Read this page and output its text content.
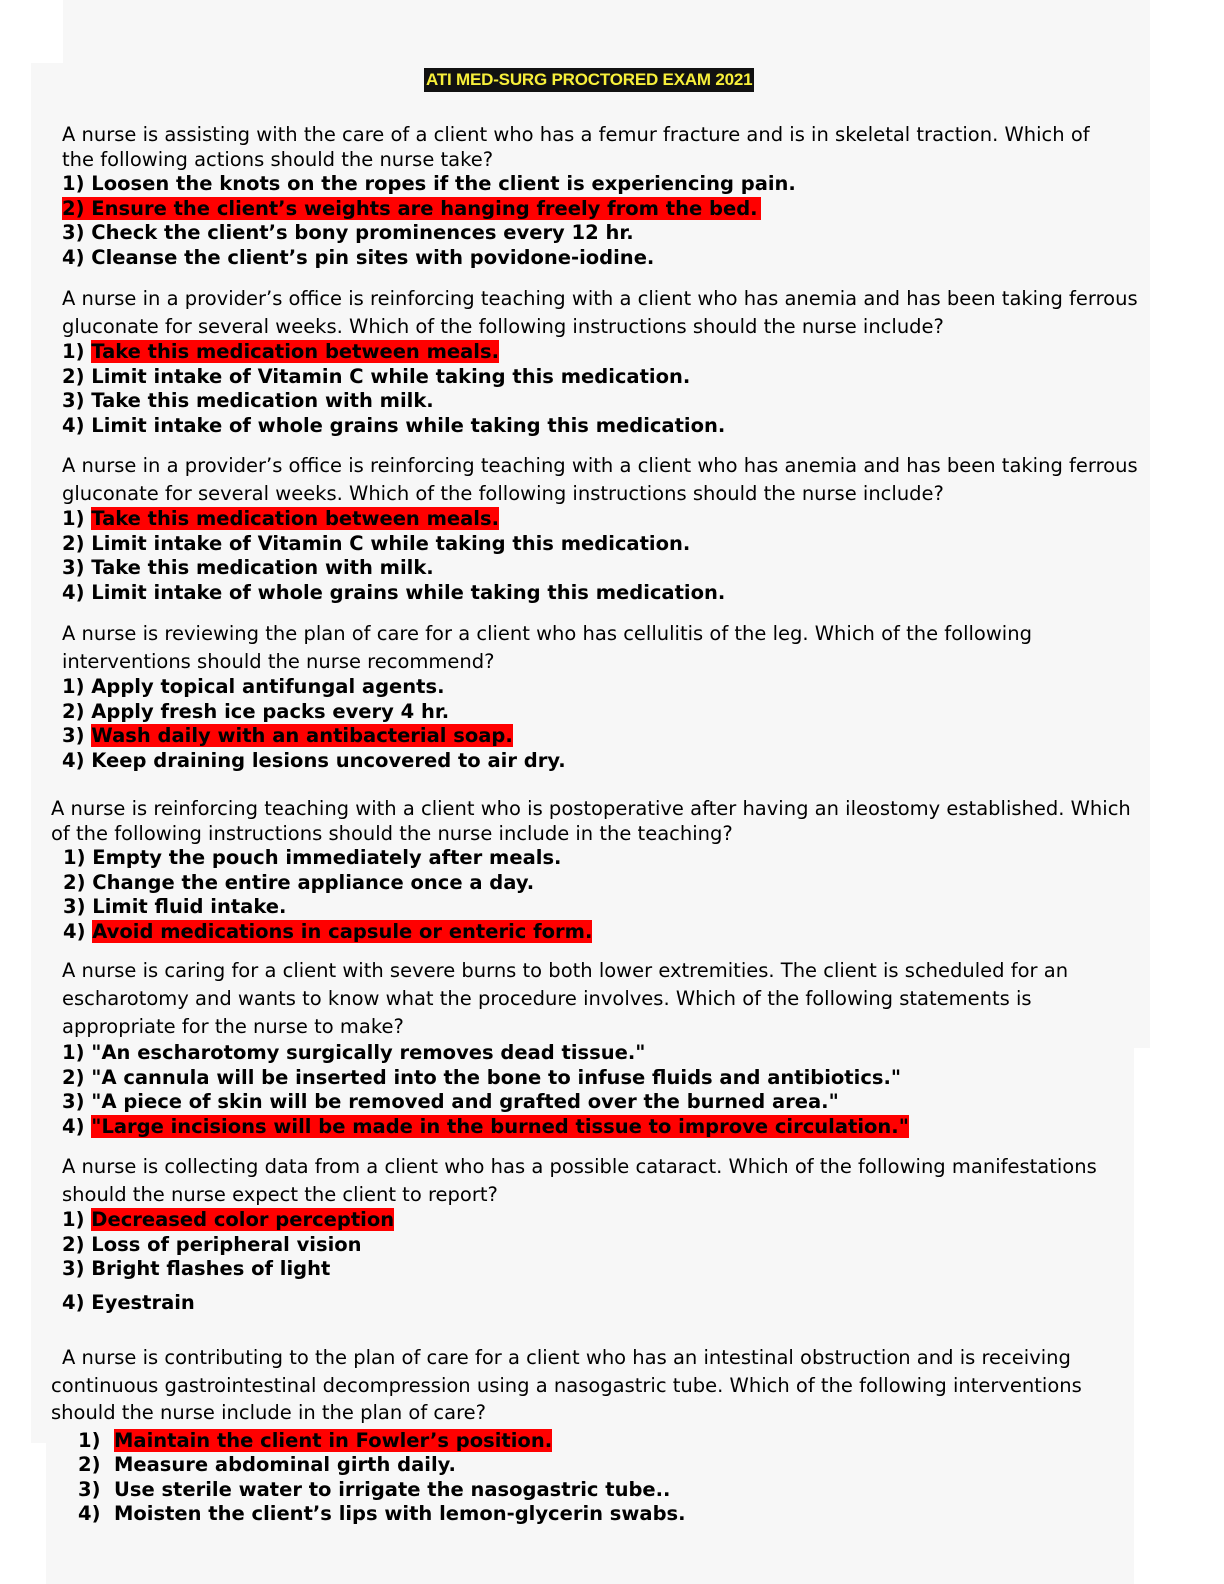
ATI MED-SURG PROCTORED EXAM 2021

A nurse is assisting with the care of a client who has a femur fracture and is in skeletal traction. Which of the following actions should the nurse take?

1) Loosen the knots on the ropes if the client is experiencing pain.
2) Ensure the client’s weights are hanging freely from the bed.
3) Check the client’s bony prominences every 12 hr.
4) Cleanse the client’s pin sites with povidone-iodine.

A nurse in a provider’s office is reinforcing teaching with a client who has anemia and has been taking ferrous gluconate for several weeks. Which of the following instructions should the nurse include?

1) Take this medication between meals.
2) Limit intake of Vitamin C while taking this medication.
3) Take this medication with milk.
4) Limit intake of whole grains while taking this medication.

A nurse in a provider’s office is reinforcing teaching with a client who has anemia and has been taking ferrous gluconate for several weeks. Which of the following instructions should the nurse include?

1) Take this medication between meals.
2) Limit intake of Vitamin C while taking this medication.
3) Take this medication with milk.
4) Limit intake of whole grains while taking this medication.

A nurse is reviewing the plan of care for a client who has cellulitis of the leg. Which of the following interventions should the nurse recommend?

1) Apply topical antifungal agents.
2) Apply fresh ice packs every 4 hr.
3) Wash daily with an antibacterial soap.
4) Keep draining lesions uncovered to air dry.

A nurse is reinforcing teaching with a client who is postoperative after having an ileostomy established. Which of the following instructions should the nurse include in the teaching?

1) Empty the pouch immediately after meals.
2) Change the entire appliance once a day.
3) Limit fluid intake.
4) Avoid medications in capsule or enteric form.

A nurse is caring for a client with severe burns to both lower extremities. The client is scheduled for an escharotomy and wants to know what the procedure involves. Which of the following statements is appropriate for the nurse to make?

1) "An escharotomy surgically removes dead tissue."
2) "A cannula will be inserted into the bone to infuse fluids and antibiotics."
3) "A piece of skin will be removed and grafted over the burned area."
4) "Large incisions will be made in the burned tissue to improve circulation."

A nurse is collecting data from a client who has a possible cataract. Which of the following manifestations should the nurse expect the client to report?

1) Decreased color perception
2) Loss of peripheral vision
3) Bright flashes of light
4) Eyestrain

A nurse is contributing to the plan of care for a client who has an intestinal obstruction and is receiving continuous gastrointestinal decompression using a nasogastric tube. Which of the following interventions should the nurse include in the plan of care?

1) Maintain the client in Fowler’s position.
2) Measure abdominal girth daily.
3) Use sterile water to irrigate the nasogastric tube..
4) Moisten the client’s lips with lemon-glycerin swabs.
